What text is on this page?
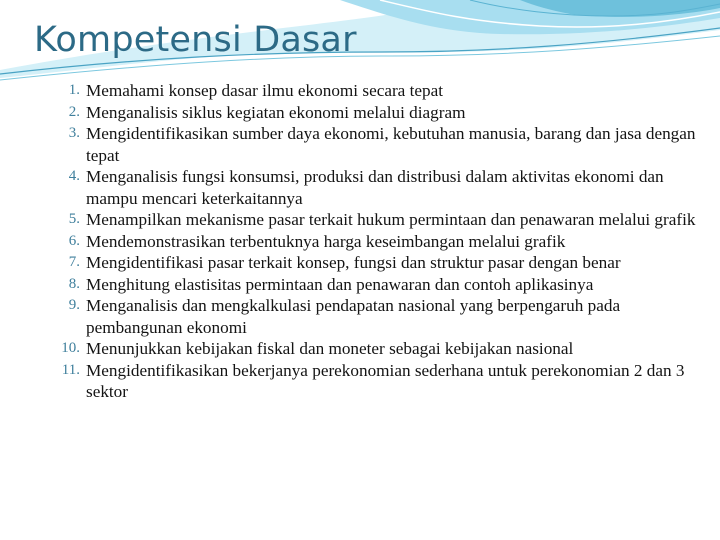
Kompetensi Dasar
1. Memahami konsep dasar ilmu ekonomi secara tepat
2. Menganalisis siklus kegiatan ekonomi melalui diagram
3. Mengidentifikasikan sumber daya ekonomi, kebutuhan manusia, barang dan jasa dengan tepat
4. Menganalisis fungsi konsumsi, produksi dan distribusi dalam aktivitas ekonomi dan mampu mencari keterkaitannya
5. Menampilkan mekanisme pasar terkait hukum permintaan dan penawaran melalui grafik
6. Mendemonstrasikan terbentuknya harga keseimbangan melalui grafik
7. Mengidentifikasi pasar terkait konsep, fungsi dan struktur pasar dengan benar
8. Menghitung elastisitas permintaan dan penawaran dan contoh aplikasinya
9. Menganalisis dan mengkalkulasi pendapatan nasional yang berpengaruh pada pembangunan ekonomi
10. Menunjukkan kebijakan fiskal dan moneter sebagai kebijakan nasional
11. Mengidentifikasikan bekerjanya perekonomian sederhana untuk perekonomian 2 dan 3 sektor
